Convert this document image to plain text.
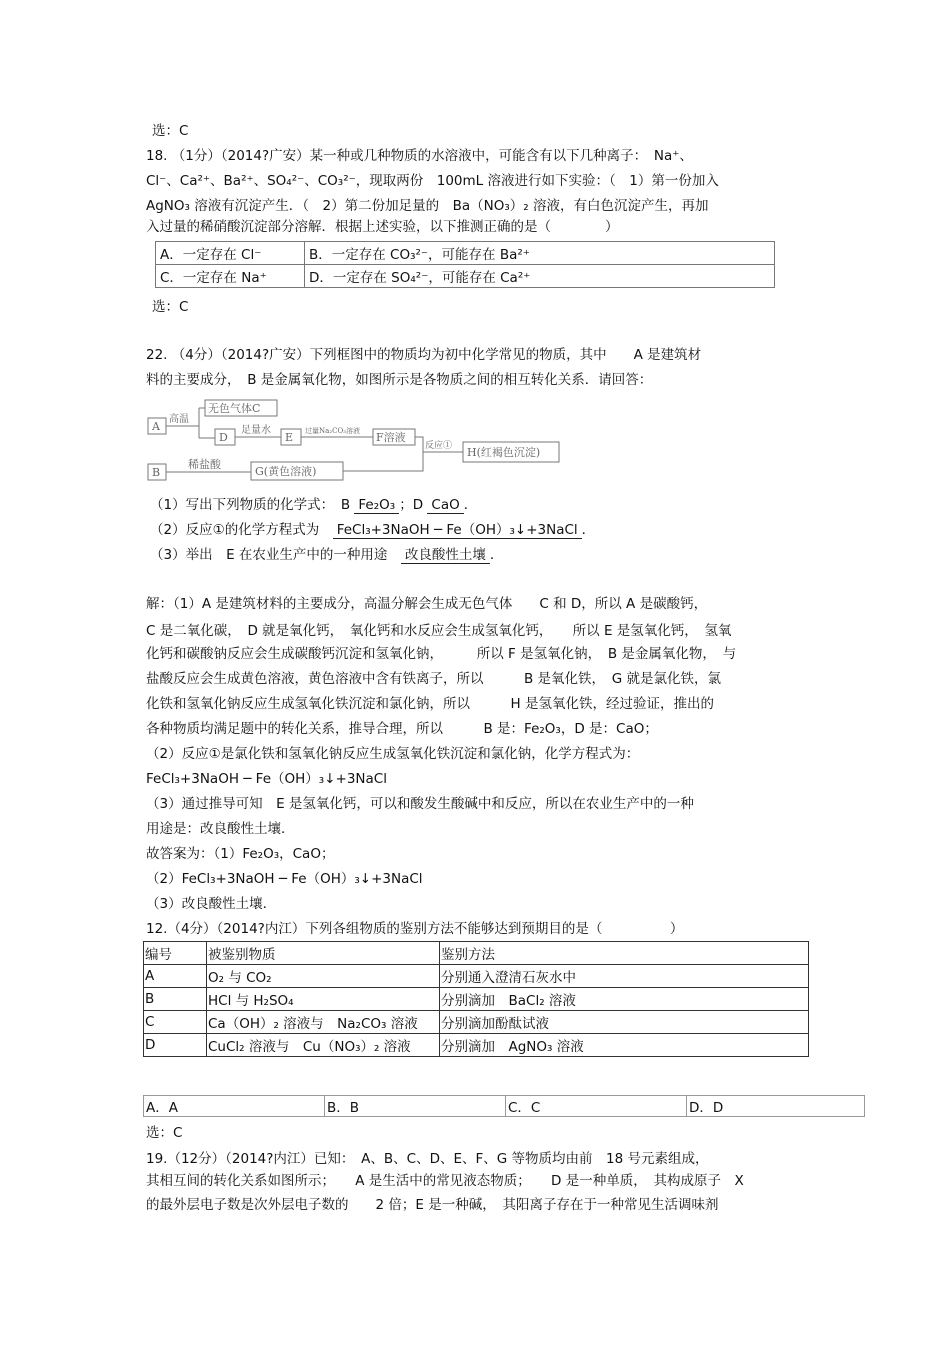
选：C
18. （1分）（2014?广安）某一种或几种物质的水溶液中，可能含有以下几种离子：　Na⁺、
Cl⁻、Ca²⁺、Ba²⁺、SO₄²⁻、CO₃²⁻，现取两份　100mL 溶液进行如下实验：（　1）第一份加入
AgNO₃ 溶液有沉淀产生．（　2）第二份加足量的　Ba（NO₃）₂ 溶液，有白色沉淀产生，再加
入过量的稀硝酸沉淀部分溶解．根据上述实验，以下推测正确的是（　　　　）
A．一定存在 Cl⁻	B．一定存在 CO₃²⁻，可能存在 Ba²⁺
C．一定存在 Na⁺	D．一定存在 SO₄²⁻，可能存在 Ca²⁺
选：C
22. （4分）（2014?广安）下列框图中的物质均为初中化学常见的物质，其中　　A 是建筑材
料的主要成分，　B 是金属氧化物，如图所示是各物质之间的相互转化关系．请回答：
A
高温
无色气体C
D
足量水
E 过量Na₂CO₃溶液 F溶液
反应① H(红褐色沉淀)
B
稀盐酸
G(黄色溶液)
（1）写出下列物质的化学式：　B Fe₂O₃ ；D CaO ．
（2）反应①的化学方程式为　 FeCl₃+3NaOH ─ Fe（OH）₃↓+3NaCl ．
（3）举出　E 在农业生产中的一种用途　 改良酸性土壤 ．
解：（1）A 是建筑材料的主要成分，高温分解会生成无色气体　　C 和 D，所以 A 是碳酸钙，
C 是二氧化碳，　D 就是氧化钙，　氧化钙和水反应会生成氢氧化钙，　　所以 E 是氢氧化钙，　氢氧
化钙和碳酸钠反应会生成碳酸钙沉淀和氢氧化钠，　　　所以 F 是氢氧化钠，　B 是金属氧化物，　与
盐酸反应会生成黄色溶液，黄色溶液中含有铁离子，所以　　　B 是氧化铁，　G 就是氯化铁，氯
化铁和氢氧化钠反应生成氢氧化铁沉淀和氯化钠，所以　　　H 是氢氧化铁，经过验证，推出的
各种物质均满足题中的转化关系，推导合理，所以　　　B 是：Fe₂O₃，D 是：CaO；
（2）反应①是氯化铁和氢氧化钠反应生成氢氧化铁沉淀和氯化钠，化学方程式为：
FeCl₃+3NaOH ─ Fe（OH）₃↓+3NaCl
（3）通过推导可知　E 是氢氧化钙，可以和酸发生酸碱中和反应，所以在农业生产中的一种
用途是：改良酸性土壤．
故答案为：（1）Fe₂O₃，CaO；
（2）FeCl₃+3NaOH ─ Fe（OH）₃↓+3NaCl
（3）改良酸性土壤．
12.（4分）（2014?内江）下列各组物质的鉴别方法不能够达到预期目的是（　　　　　）
编号	被鉴别物质	鉴别方法
A	O₂ 与 CO₂	分别通入澄清石灰水中
B	HCl 与 H₂SO₄	分别滴加　BaCl₂ 溶液
C	Ca（OH）₂ 溶液与　Na₂CO₃ 溶液	分别滴加酚酞试液
D	CuCl₂ 溶液与　Cu（NO₃）₂ 溶液	分别滴加　AgNO₃ 溶液
A．A	B．B	C．C	D．D
选：C
19.（12分）（2014?内江）已知：　A、B、C、D、E、F、G 等物质均由前　18 号元素组成，
其相互间的转化关系如图所示；　　A 是生活中的常见液态物质；　　D 是一种单质，　其构成原子　X
的最外层电子数是次外层电子数的　　2 倍；E 是一种碱，　其阳离子存在于一种常见生活调味剂
